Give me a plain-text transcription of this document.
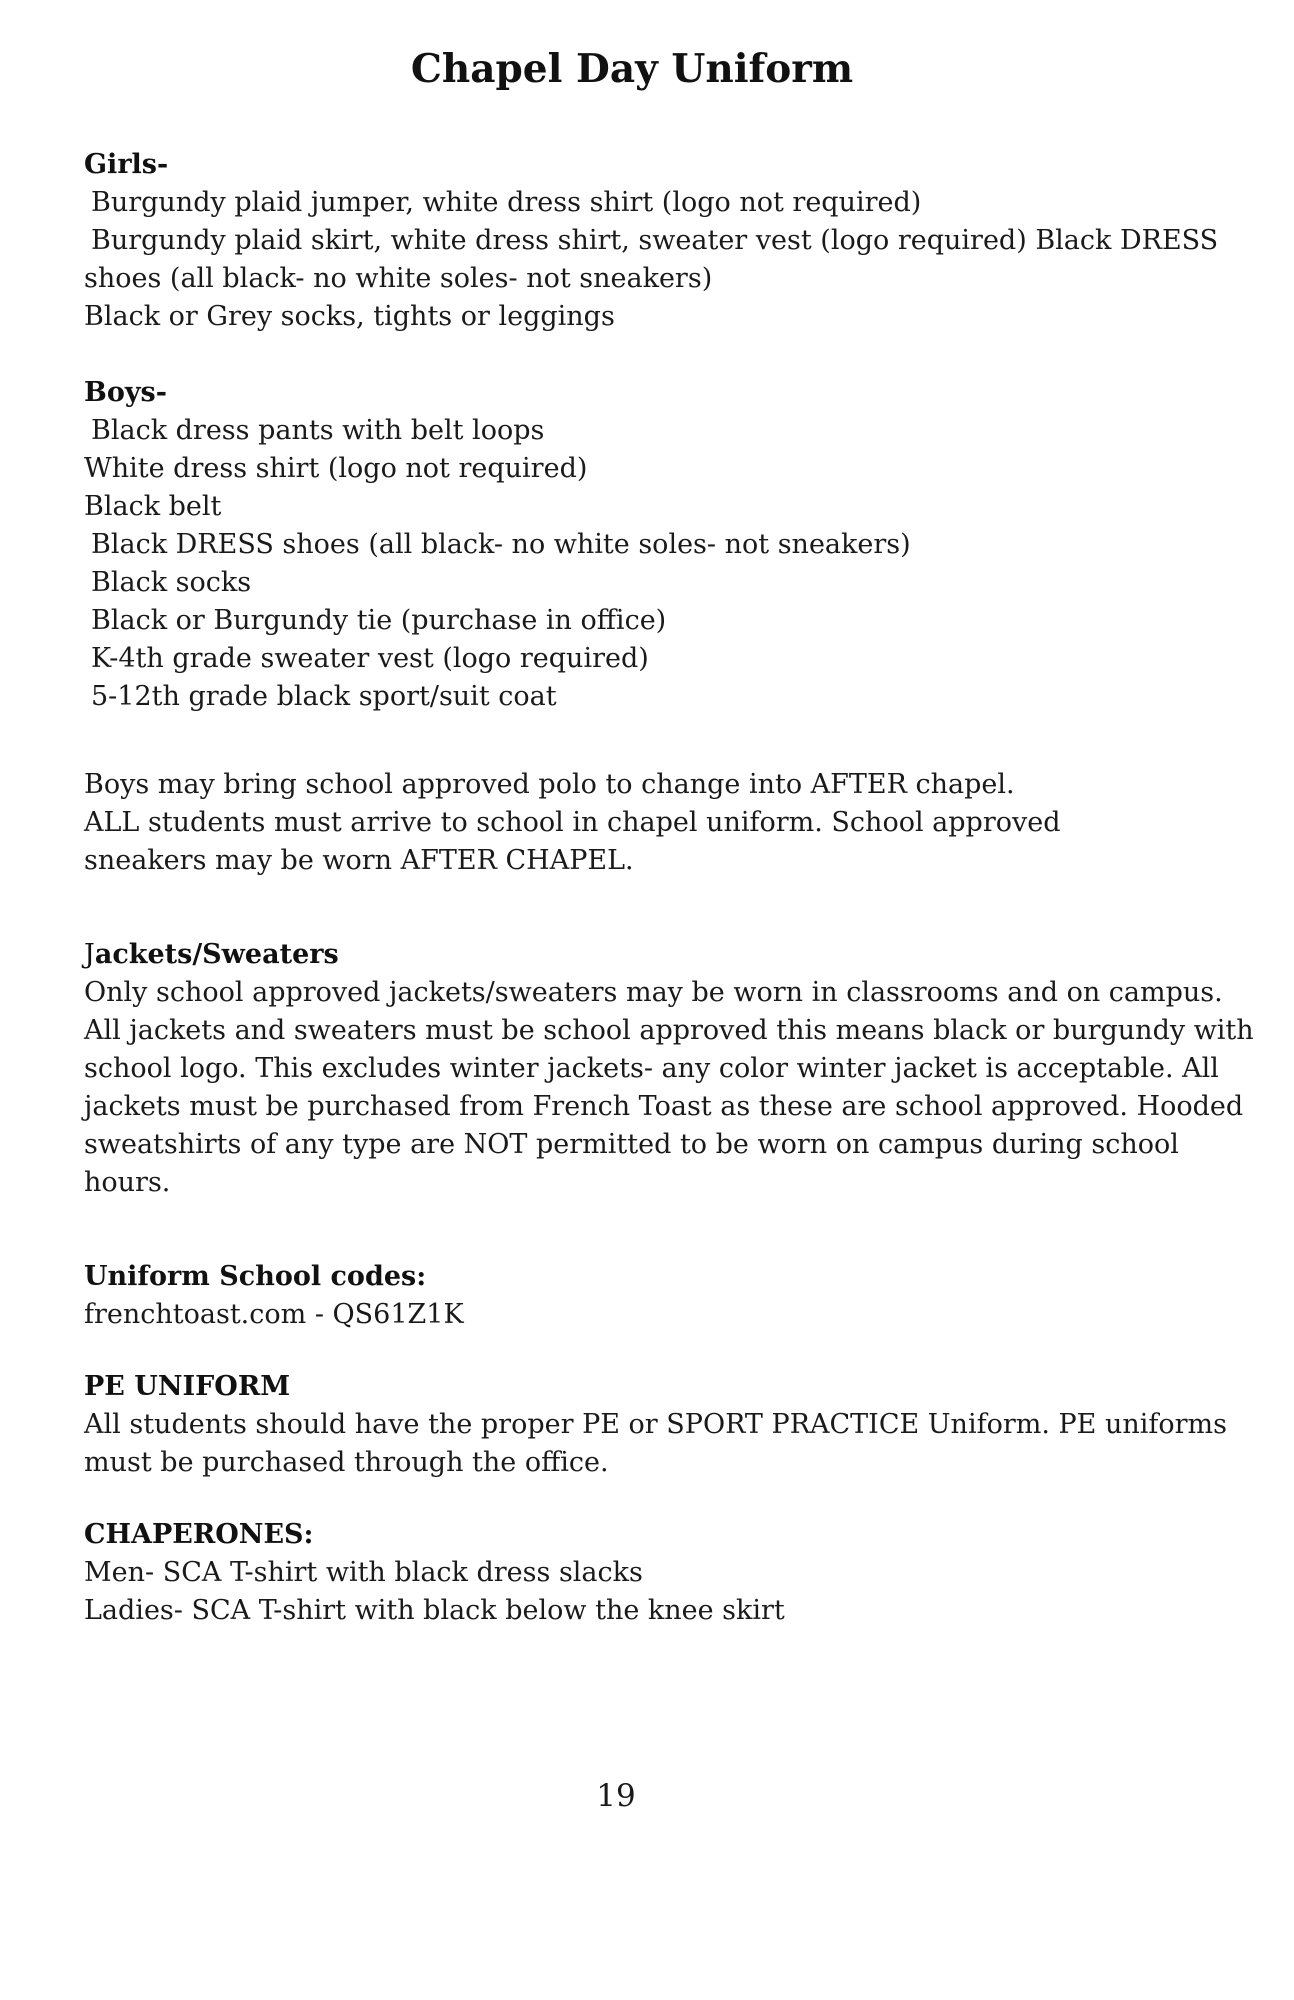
Chapel Day Uniform
Girls-
Burgundy plaid jumper, white dress shirt (logo not required)
Burgundy plaid skirt, white dress shirt, sweater vest (logo required) Black DRESS
shoes (all black- no white soles- not sneakers)
Black or Grey socks, tights or leggings
Boys-
Black dress pants with belt loops
White dress shirt (logo not required)
Black belt
Black DRESS shoes (all black- no white soles- not sneakers)
Black socks
Black or Burgundy tie (purchase in office)
K-4th grade sweater vest (logo required)
5-12th grade black sport/suit coat
Boys may bring school approved polo to change into AFTER chapel.
ALL students must arrive to school in chapel uniform. School approved
sneakers may be worn AFTER CHAPEL.
Jackets/Sweaters
Only school approved jackets/sweaters may be worn in classrooms and on campus.
All jackets and sweaters must be school approved this means black or burgundy with
school logo. This excludes winter jackets- any color winter jacket is acceptable. All
jackets must be purchased from French Toast as these are school approved. Hooded
sweatshirts of any type are NOT permitted to be worn on campus during school
hours.
Uniform School codes:
frenchtoast.com - QS61Z1K
PE UNIFORM
All students should have the proper PE or SPORT PRACTICE Uniform. PE uniforms
must be purchased through the office.
CHAPERONES:
Men- SCA T-shirt with black dress slacks
Ladies- SCA T-shirt with black below the knee skirt
19
